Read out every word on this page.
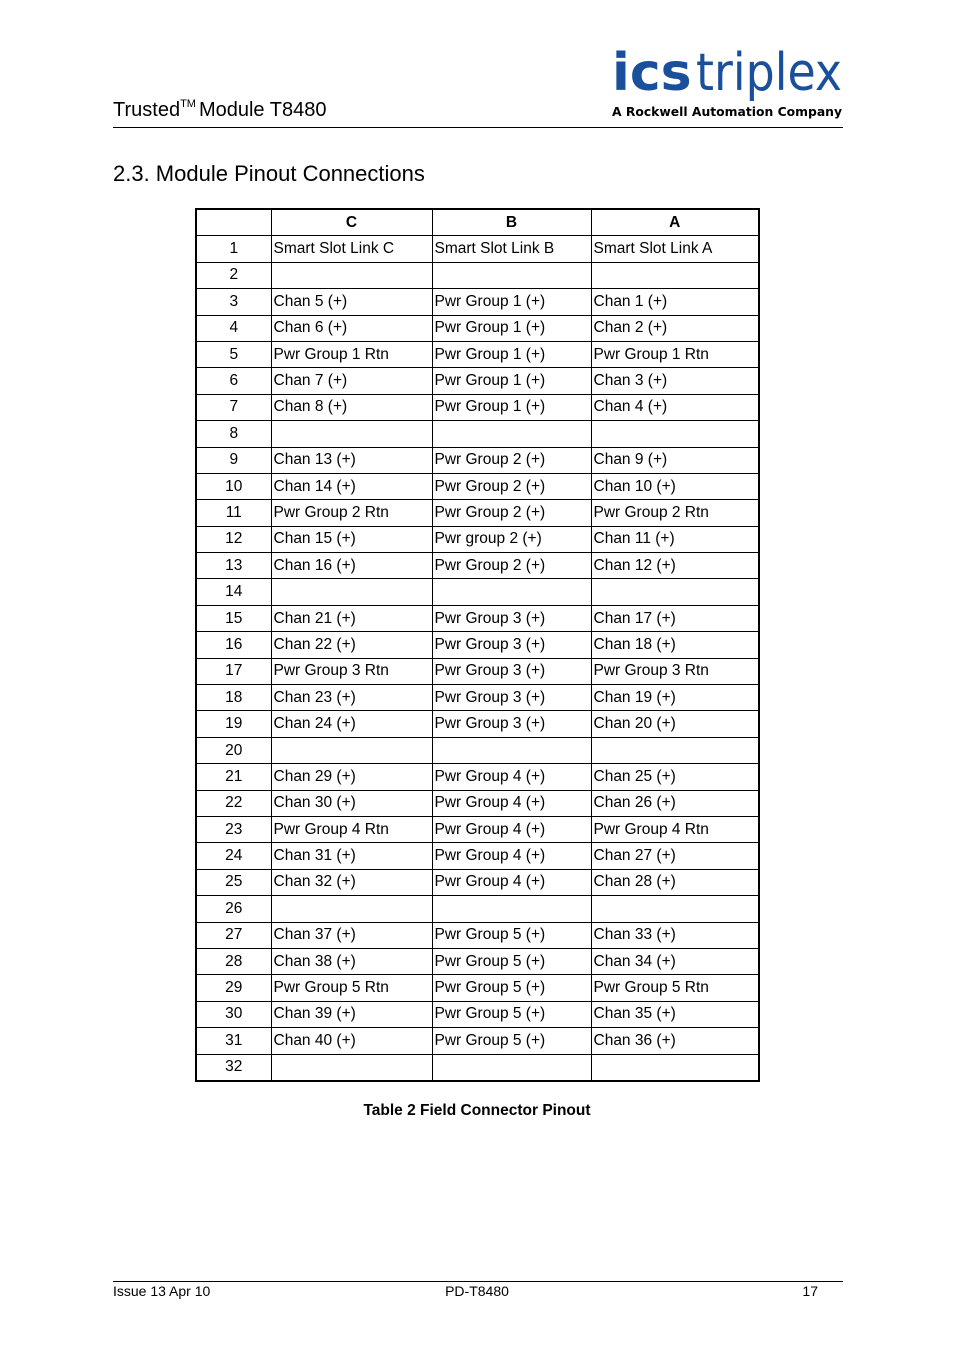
Trusted™ Module T8480
ics triplex
A Rockwell Automation Company
2.3. Module Pinout Connections
	C	B	A
1	Smart Slot Link C	Smart Slot Link B	Smart Slot Link A
2			
3	Chan 5 (+)	Pwr Group 1 (+)	Chan 1 (+)
4	Chan 6 (+)	Pwr Group 1 (+)	Chan 2 (+)
5	Pwr Group 1 Rtn	Pwr Group 1 (+)	Pwr Group 1 Rtn
6	Chan 7 (+)	Pwr Group 1 (+)	Chan 3 (+)
7	Chan 8 (+)	Pwr Group 1 (+)	Chan 4 (+)
8			
9	Chan 13 (+)	Pwr Group 2 (+)	Chan 9 (+)
10	Chan 14 (+)	Pwr Group 2 (+)	Chan 10 (+)
11	Pwr Group 2 Rtn	Pwr Group 2 (+)	Pwr Group 2 Rtn
12	Chan 15 (+)	Pwr group 2 (+)	Chan 11 (+)
13	Chan 16 (+)	Pwr Group 2 (+)	Chan 12 (+)
14			
15	Chan 21 (+)	Pwr Group 3 (+)	Chan 17 (+)
16	Chan 22 (+)	Pwr Group 3 (+)	Chan 18 (+)
17	Pwr Group 3 Rtn	Pwr Group 3 (+)	Pwr Group 3 Rtn
18	Chan 23 (+)	Pwr Group 3 (+)	Chan 19 (+)
19	Chan 24 (+)	Pwr Group 3 (+)	Chan 20 (+)
20			
21	Chan 29 (+)	Pwr Group 4 (+)	Chan 25 (+)
22	Chan 30 (+)	Pwr Group 4 (+)	Chan 26 (+)
23	Pwr Group 4 Rtn	Pwr Group 4 (+)	Pwr Group 4 Rtn
24	Chan 31 (+)	Pwr Group 4 (+)	Chan 27 (+)
25	Chan 32 (+)	Pwr Group 4 (+)	Chan 28 (+)
26			
27	Chan 37 (+)	Pwr Group 5 (+)	Chan 33 (+)
28	Chan 38 (+)	Pwr Group 5 (+)	Chan 34 (+)
29	Pwr Group 5 Rtn	Pwr Group 5 (+)	Pwr Group 5 Rtn
30	Chan 39 (+)	Pwr Group 5 (+)	Chan 35 (+)
31	Chan 40 (+)	Pwr Group 5 (+)	Chan 36 (+)
32			
Table 2 Field Connector Pinout
Issue 13 Apr 10	PD-T8480	17
